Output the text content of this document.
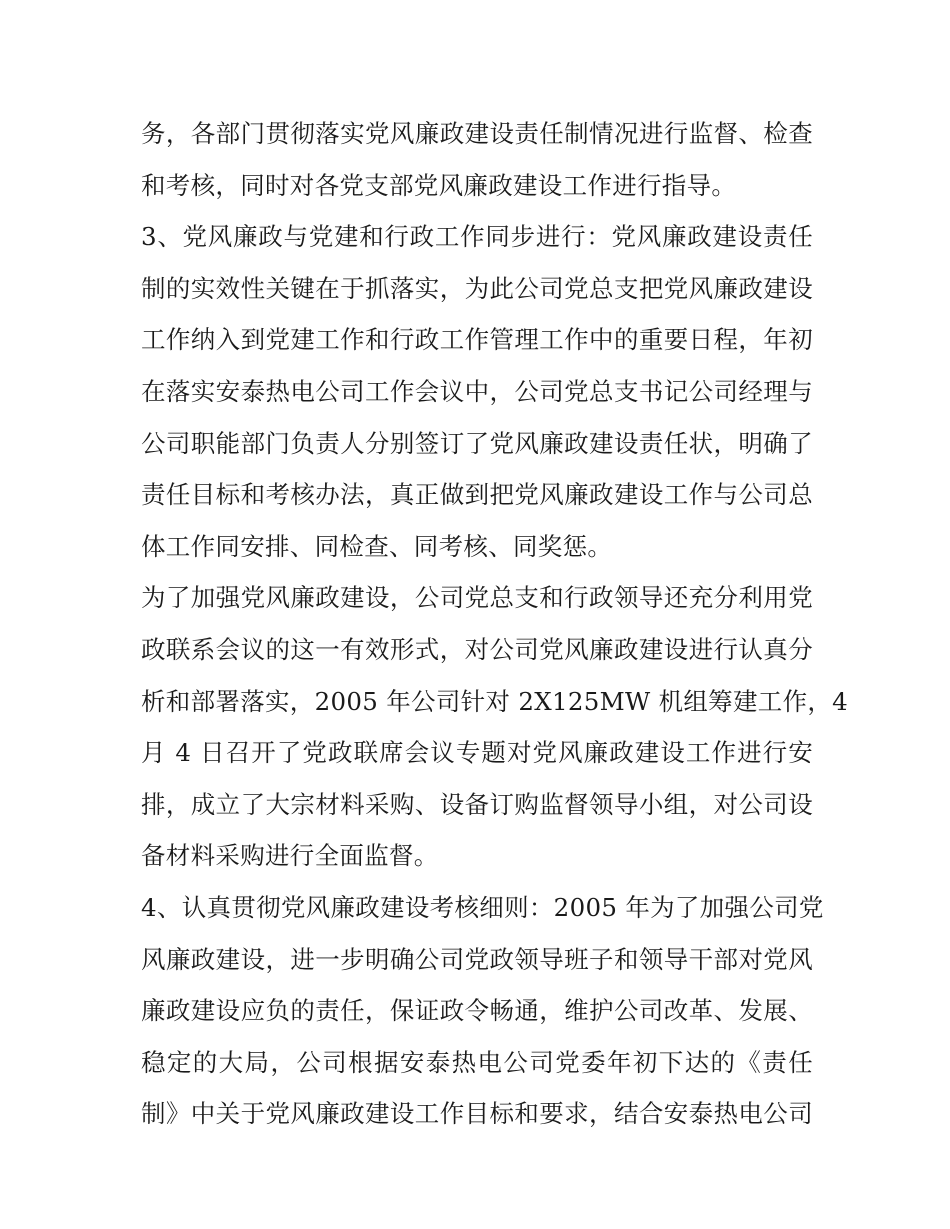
务，各部门贯彻落实党风廉政建设责任制情况进行监督、检查
和考核，同时对各党支部党风廉政建设工作进行指导。
3、党风廉政与党建和行政工作同步进行：党风廉政建设责任
制的实效性关键在于抓落实，为此公司党总支把党风廉政建设
工作纳入到党建工作和行政工作管理工作中的重要日程，年初
在落实安泰热电公司工作会议中，公司党总支书记公司经理与
公司职能部门负责人分别签订了党风廉政建设责任状，明确了
责任目标和考核办法，真正做到把党风廉政建设工作与公司总
体工作同安排、同检查、同考核、同奖惩。
为了加强党风廉政建设，公司党总支和行政领导还充分利用党
政联系会议的这一有效形式，对公司党风廉政建设进行认真分
析和部署落实，2005 年公司针对 2X125MW 机组筹建工作，4
月 4 日召开了党政联席会议专题对党风廉政建设工作进行安
排，成立了大宗材料采购、设备订购监督领导小组，对公司设
备材料采购进行全面监督。
4、认真贯彻党风廉政建设考核细则：2005 年为了加强公司党
风廉政建设，进一步明确公司党政领导班子和领导干部对党风
廉政建设应负的责任，保证政令畅通，维护公司改革、发展、
稳定的大局，公司根据安泰热电公司党委年初下达的《责任
制》中关于党风廉政建设工作目标和要求，结合安泰热电公司
